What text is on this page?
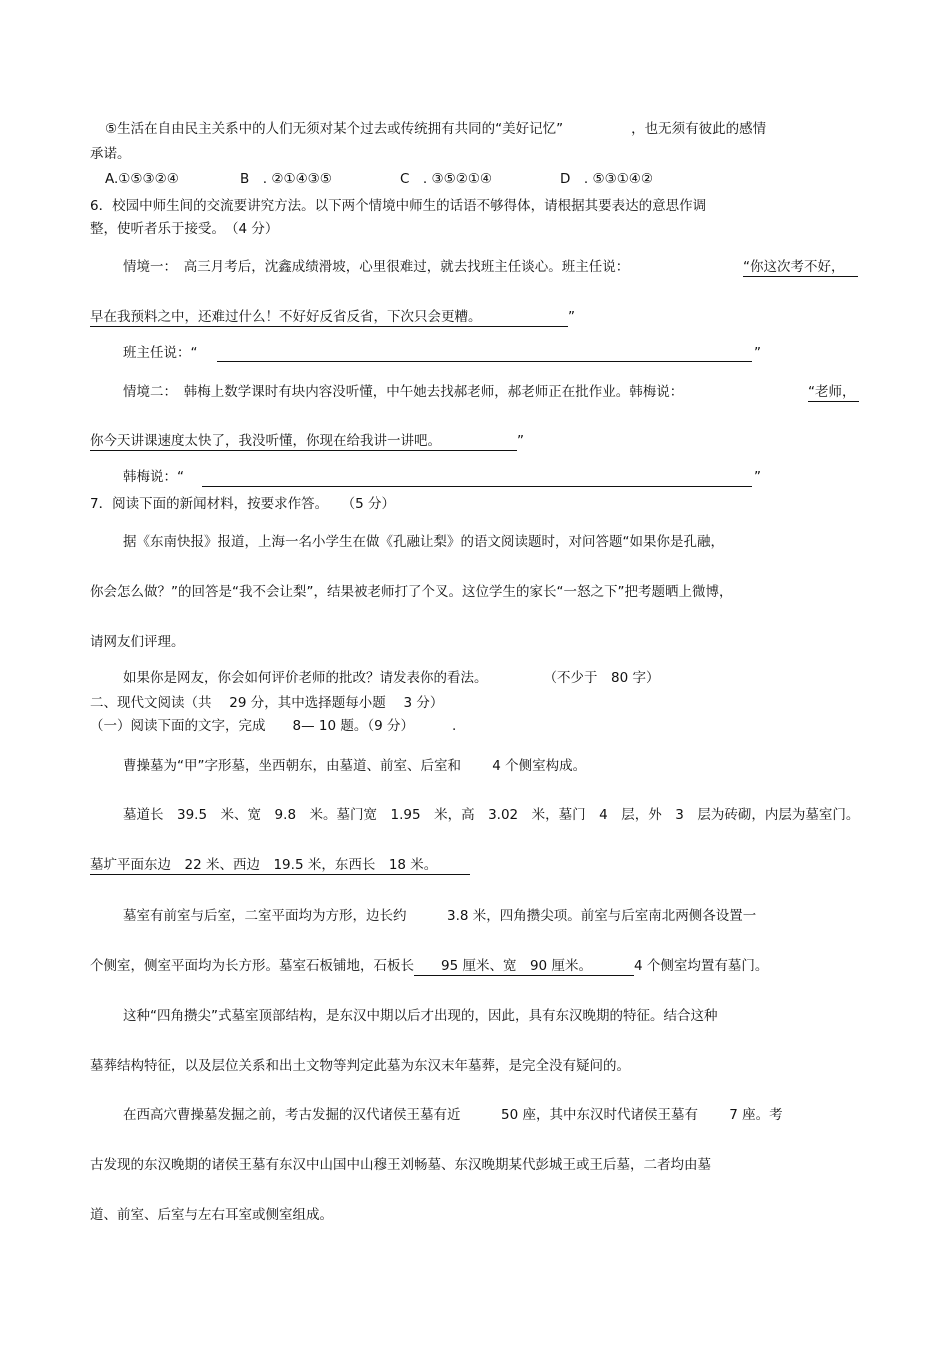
⑤生活在自由民主关系中的人们无须对某个过去或传统拥有共同的“美好记忆”	，也无须有彼此的感情
承诺。
A.①⑤③②④	B　. ②①④③⑤	C　. ③⑤②①④	D　. ⑤③①④②
6．校园中师生间的交流要讲究方法。以下两个情境中师生的话语不够得体，请根据其要表达的意思作调
整，使听者乐于接受。　（4 分）
情境一：　高三月考后，沈鑫成绩滑坡，心里很难过，就去找班主任谈心。班主任说：	“你这次考不好，
早在我预料之中，还难过什么！不好好反省反省，下次只会更糟。	”
班主任说：“	”
情境二：　韩梅上数学课时有块内容没听懂，中午她去找郝老师，郝老师正在批作业。韩梅说：	“老师，
你今天讲课速度太快了，我没听懂，你现在给我讲一讲吧。	”
韩梅说：“	”
7．阅读下面的新闻材料，按要求作答。　　（5 分）
据《东南快报》报道，上海一名小学生在做《孔融让梨》的语文阅读题时，对问答题“如果你是孔融，
你会怎么做？”的回答是“我不会让梨”，结果被老师打了个叉。这位学生的家长“一怒之下”把考题晒上微博，
请网友们评理。
如果你是网友，你会如何评价老师的批改？请发表你的看法。	（不少于　80 字）
二、现代文阅读（共　 29 分，其中选择题每小题　 3 分）
（一）阅读下面的文字，完成　　8— 10 题。（9 分）　　　 .
曹操墓为“甲”字形墓，坐西朝东，由墓道、前室、后室和　　 4 个侧室构成。
墓道长　39.5　米、宽　9.8　米。墓门宽　1.95　米，高　3.02　米，墓门　4　层，外　3　层为砖砌，内层为墓室门。
墓圹平面东边　22 米、西边　19.5 米，东西长　18 米。
墓室有前室与后室，二室平面均为方形，边长约　　　3.8 米，四角攒尖项。前室与后室南北两侧各设置一
个侧室，侧室平面均为长方形。墓室石板铺地，石板长　　95 厘米、宽　90 厘米。	4 个侧室均置有墓门。
这种“四角攒尖”式墓室顶部结构，是东汉中期以后才出现的，因此，具有东汉晚期的特征。结合这种
墓葬结构特征，以及层位关系和出土文物等判定此墓为东汉末年墓葬，是完全没有疑问的。
在西高穴曹操墓发掘之前，考古发掘的汉代诸侯王墓有近　　　50 座，其中东汉时代诸侯王墓有　　 7 座。考
古发现的东汉晚期的诸侯王墓有东汉中山国中山穆王刘畅墓、东汉晚期某代彭城王或王后墓，二者均由墓
道、前室、后室与左右耳室或侧室组成。
